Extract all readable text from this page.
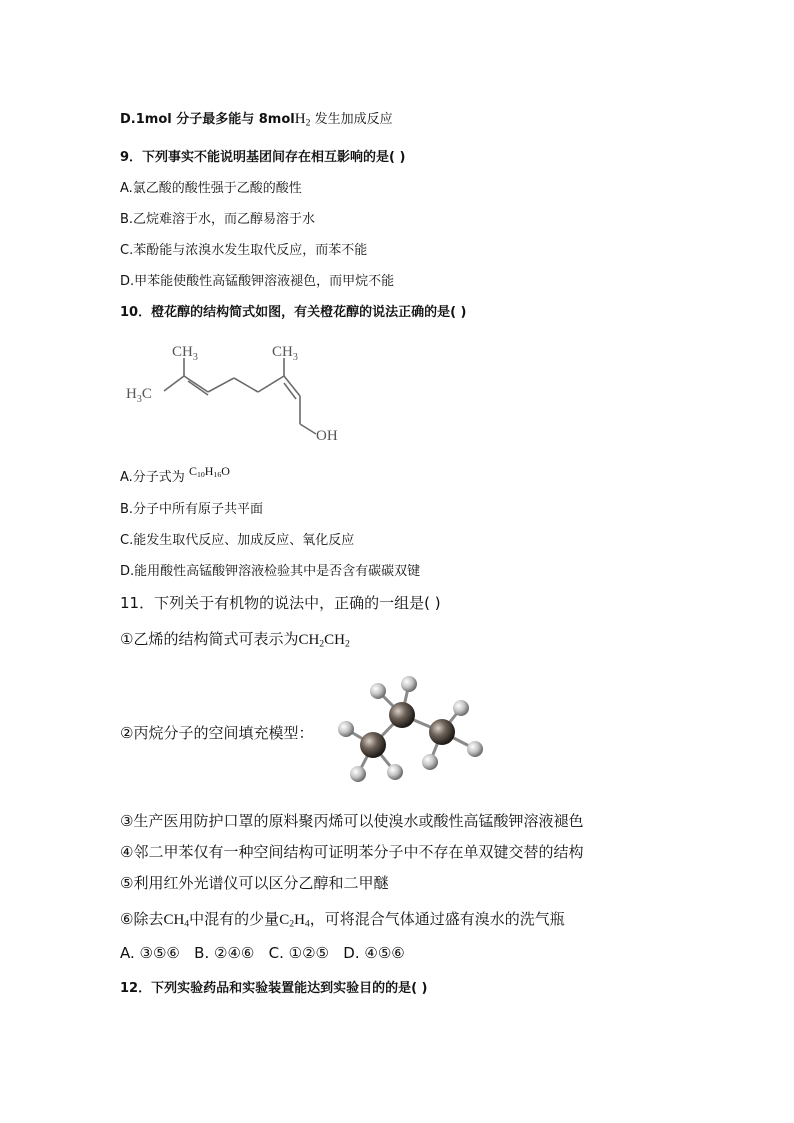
D.1mol 分子最多能与 8molH$_2$ 发生加成反应
9．下列事实不能说明基团间存在相互影响的是( )
A.氯乙酸的酸性强于乙酸的酸性
B.乙烷难溶于水，而乙醇易溶于水
C.苯酚能与浓溴水发生取代反应，而苯不能
D.甲苯能使酸性高锰酸钾溶液褪色，而甲烷不能
10．橙花醇的结构简式如图，有关橙花醇的说法正确的是( )
$CH_3$	$CH_3$
$H_3C$
OH
A.分子式为 $C_{10}H_{16}O$
B.分子中所有原子共平面
C.能发生取代反应、加成反应、氧化反应
D.能用酸性高锰酸钾溶液检验其中是否含有碳碳双键
11．下列关于有机物的说法中，正确的一组是( )
①乙烯的结构简式可表示为$CH_2CH_2$
②丙烷分子的空间填充模型：
③生产医用防护口罩的原料聚丙烯可以使溴水或酸性高锰酸钾溶液褪色
④邻二甲苯仅有一种空间结构可证明苯分子中不存在单双键交替的结构
⑤利用红外光谱仪可以区分乙醇和二甲醚
⑥除去$CH_4$中混有的少量$C_2H_4$，可将混合气体通过盛有溴水的洗气瓶
A. ③⑤⑥   B. ②④⑥   C. ①②⑤   D. ④⑤⑥
12．下列实验药品和实验装置能达到实验目的的是( )
